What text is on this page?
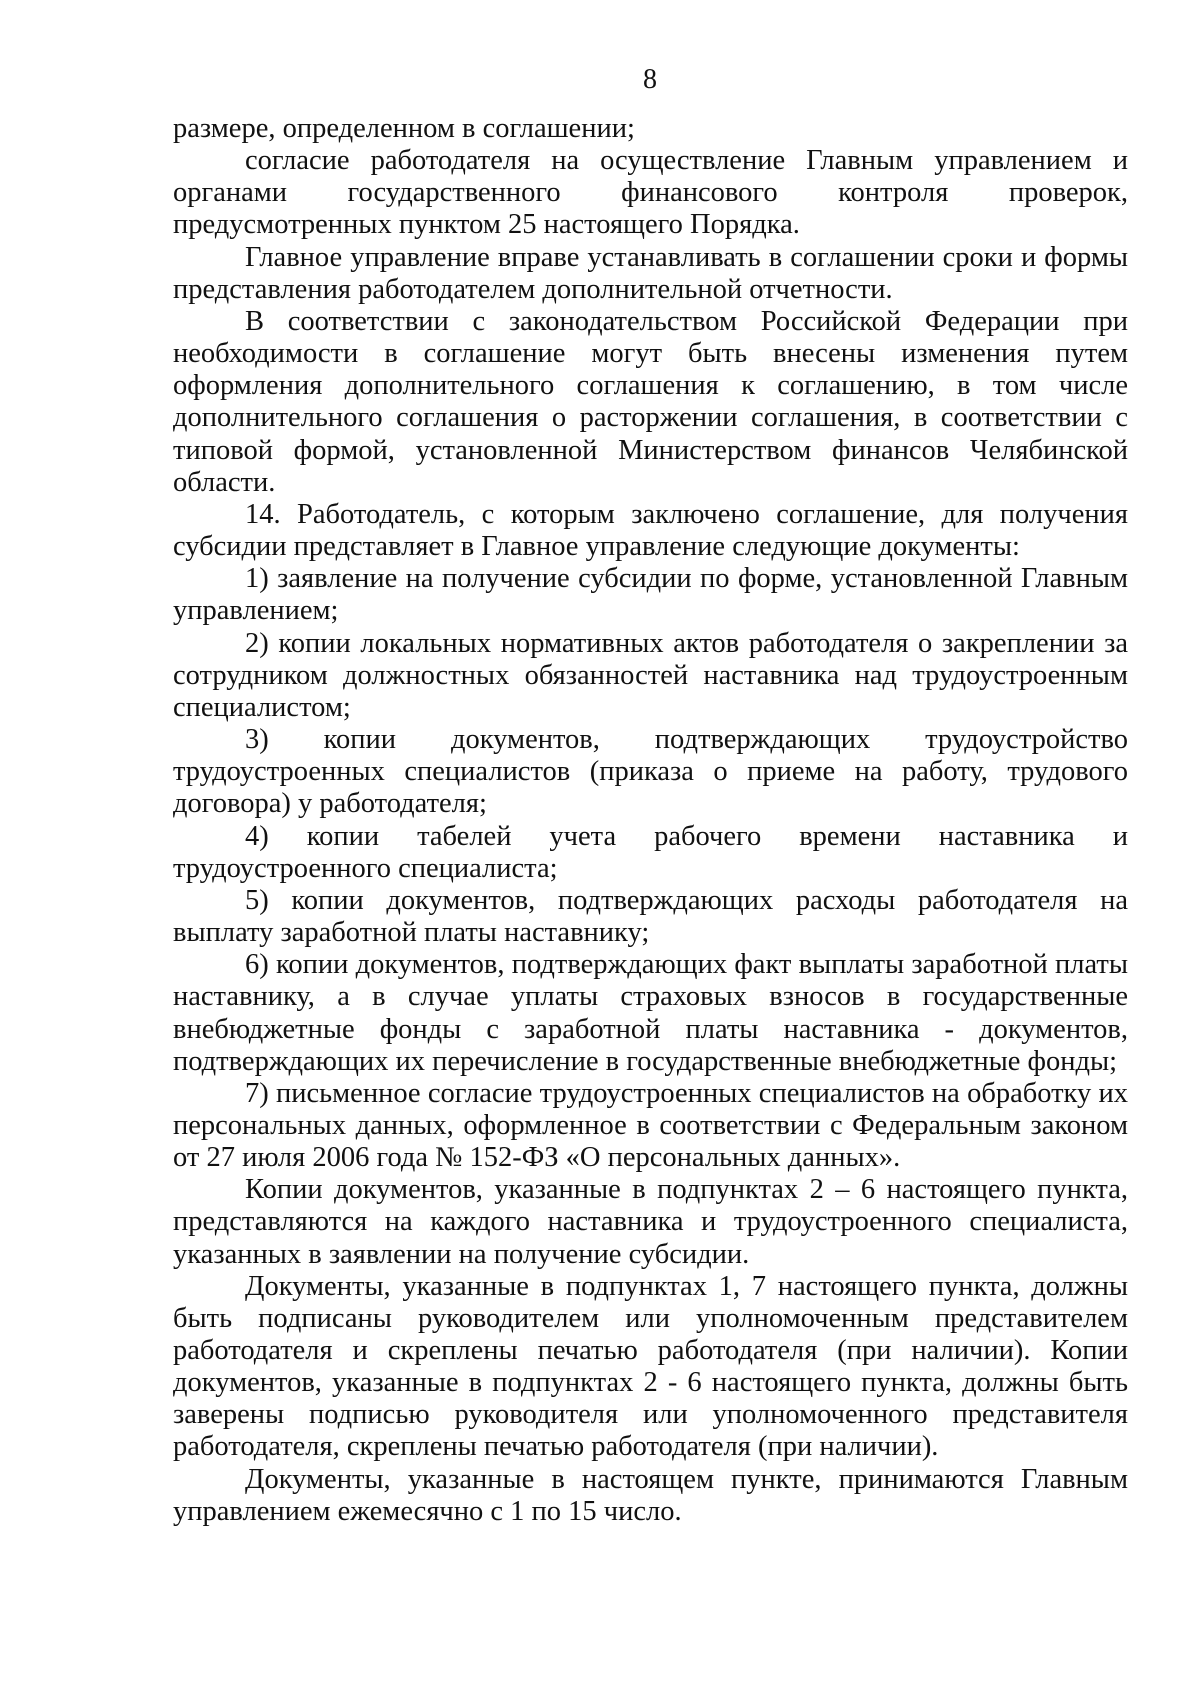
8

размере, определенном в соглашении;

согласие работодателя на осуществление Главным управлением и органами государственного финансового контроля проверок, предусмотренных пунктом 25 настоящего Порядка.

Главное управление вправе устанавливать в соглашении сроки и формы представления работодателем дополнительной отчетности.

В соответствии с законодательством Российской Федерации при необходимости в соглашение могут быть внесены изменения путем оформления дополнительного соглашения к соглашению, в том числе дополнительного соглашения о расторжении соглашения, в соответствии с типовой формой, установленной Министерством финансов Челябинской области.

14. Работодатель, с которым заключено соглашение, для получения субсидии представляет в Главное управление следующие документы:

1) заявление на получение субсидии по форме, установленной Главным управлением;

2) копии локальных нормативных актов работодателя о закреплении за сотрудником должностных обязанностей наставника над трудоустроенным специалистом;

3) копии документов, подтверждающих трудоустройство трудоустроенных специалистов (приказа о приеме на работу, трудового договора) у работодателя;

4) копии табелей учета рабочего времени наставника и трудоустроенного специалиста;

5) копии документов, подтверждающих расходы работодателя на выплату заработной платы наставнику;

6) копии документов, подтверждающих факт выплаты заработной платы наставнику, а в случае уплаты страховых взносов в государственные внебюджетные фонды с заработной платы наставника - документов, подтверждающих их перечисление в государственные внебюджетные фонды;

7) письменное согласие трудоустроенных специалистов на обработку их персональных данных, оформленное в соответствии с Федеральным законом от 27 июля 2006 года № 152-ФЗ «О персональных данных».

Копии документов, указанные в подпунктах 2 – 6 настоящего пункта, представляются на каждого наставника и трудоустроенного специалиста, указанных в заявлении на получение субсидии.

Документы, указанные в подпунктах 1, 7 настоящего пункта, должны быть подписаны руководителем или уполномоченным представителем работодателя и скреплены печатью работодателя (при наличии). Копии документов, указанные в подпунктах 2 - 6 настоящего пункта, должны быть заверены подписью руководителя или уполномоченного представителя работодателя, скреплены печатью работодателя (при наличии).

Документы, указанные в настоящем пункте, принимаются Главным управлением ежемесячно с 1 по 15 число.
